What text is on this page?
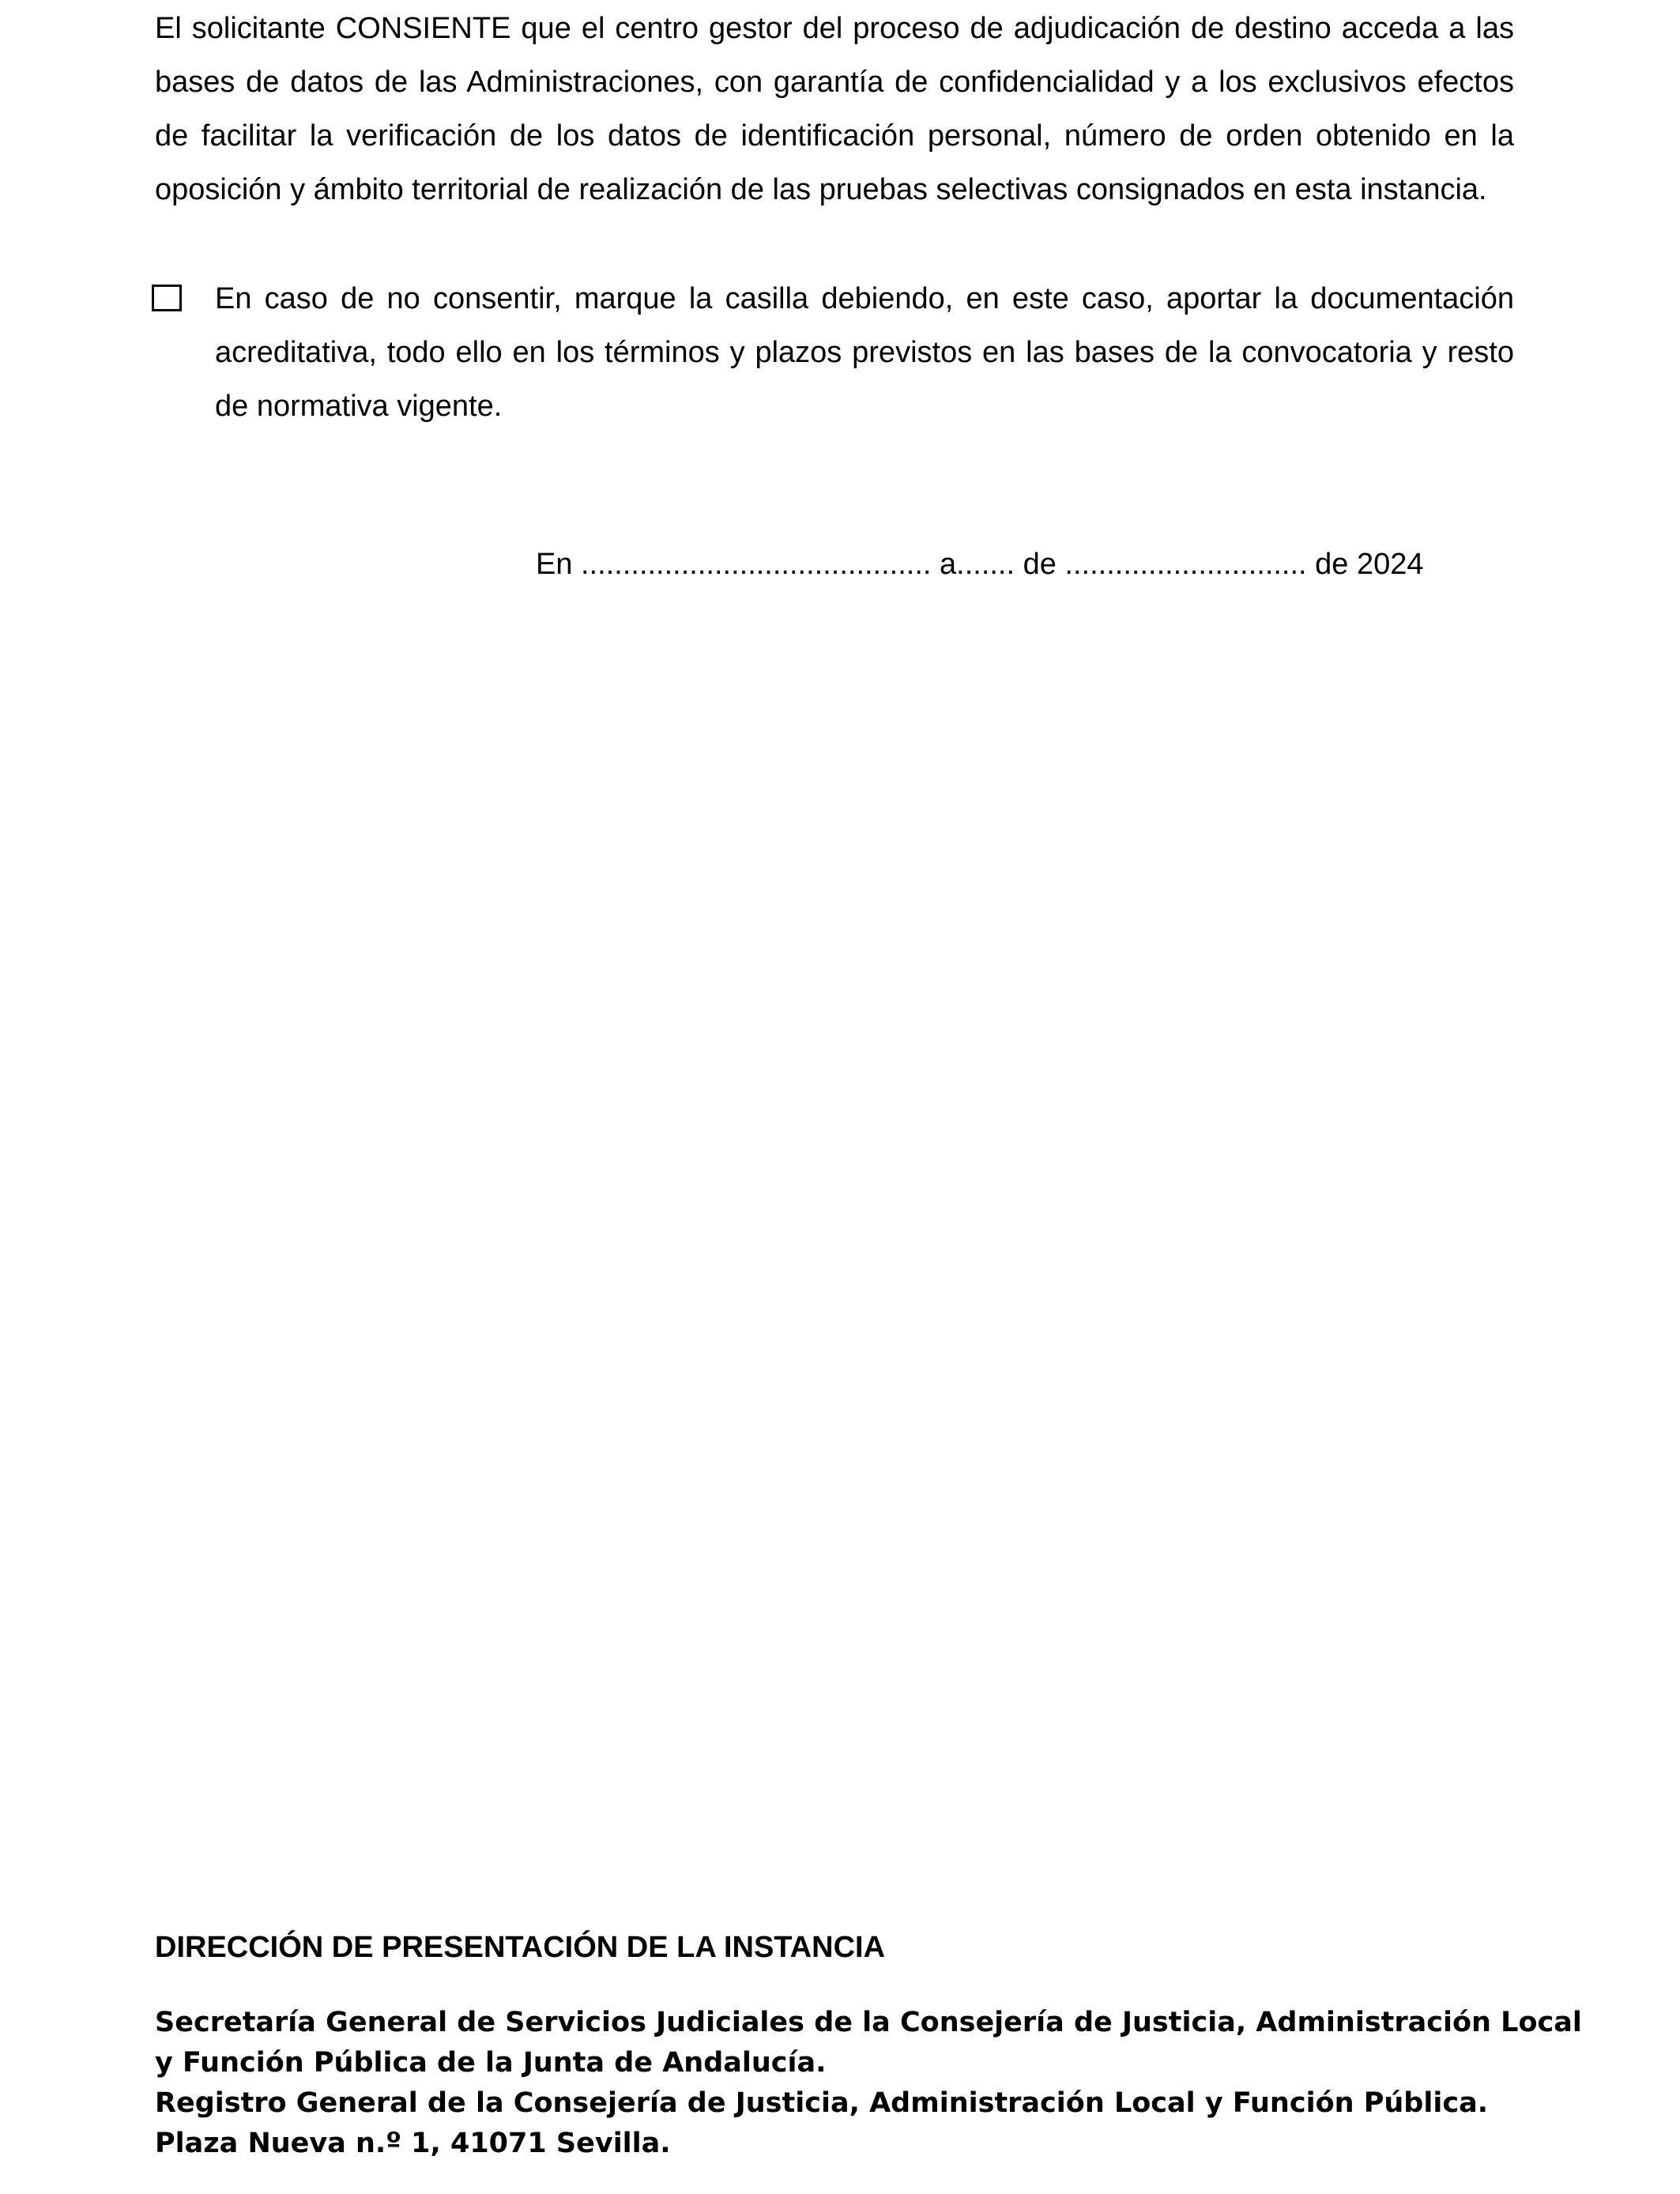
El solicitante CONSIENTE que el centro gestor del proceso de adjudicación de destino acceda a las bases de datos de las Administraciones, con garantía de confidencialidad y a los exclusivos efectos de facilitar la verificación de los datos de identificación personal, número de orden obtenido en la oposición y ámbito territorial de realización de las pruebas selectivas consignados en esta instancia.

En caso de no consentir, marque la casilla debiendo, en este caso, aportar la documentación acreditativa, todo ello en los términos y plazos previstos en las bases de la convocatoria y resto de normativa vigente.

En .......................................... a....... de ............................. de 2024

DIRECCIÓN DE PRESENTACIÓN DE LA INSTANCIA
Secretaría General de Servicios Judiciales de la Consejería de Justicia, Administración Local y Función Pública de la Junta de Andalucía.
Registro General de la Consejería de Justicia, Administración Local y Función Pública.
Plaza Nueva n.º 1, 41071 Sevilla.
